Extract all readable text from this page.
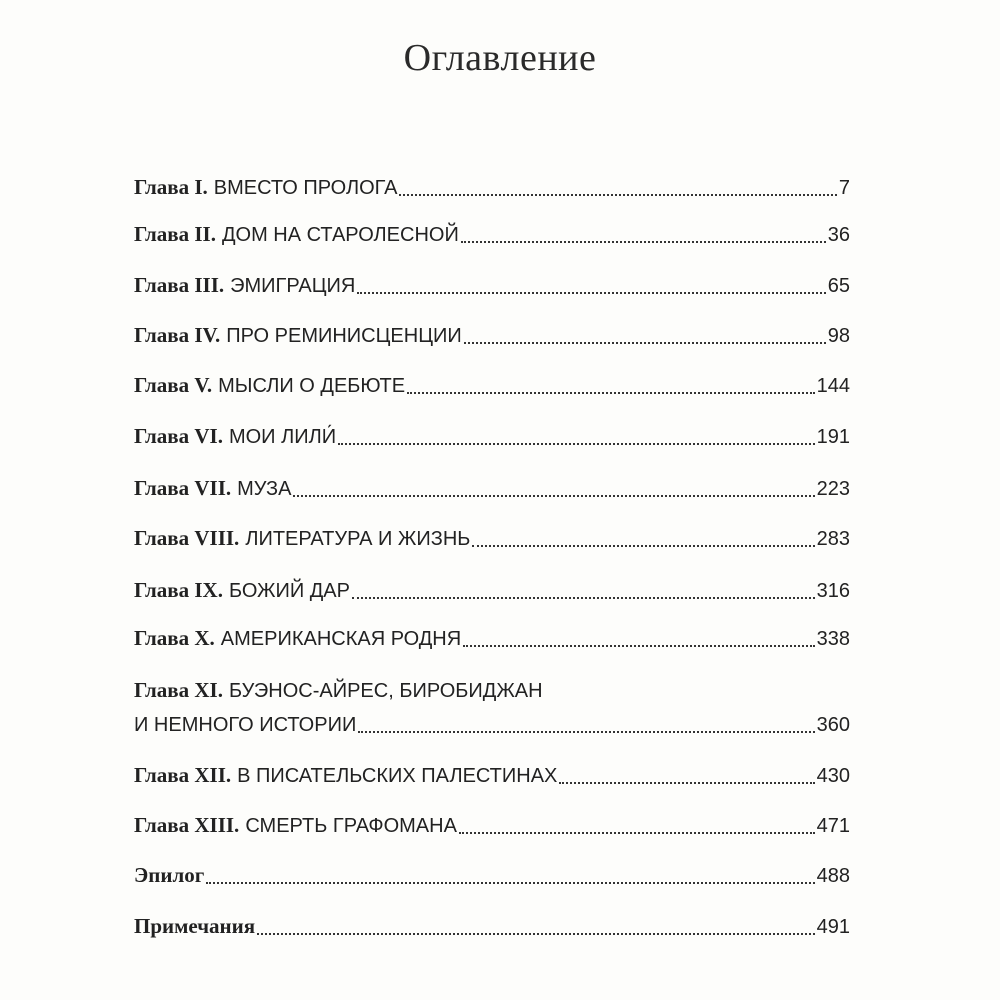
Оглавление
Глава I. ВМЕСТО ПРОЛОГА	7
Глава II. ДОМ НА СТАРОЛЕСНОЙ	36
Глава III. ЭМИГРАЦИЯ	65
Глава IV. ПРО РЕМИНИСЦЕНЦИИ	98
Глава V. МЫСЛИ О ДЕБЮТЕ	144
Глава VI. МОИ ЛИЛИ́	191
Глава VII. МУЗА	223
Глава VIII. ЛИТЕРАТУРА И ЖИЗНЬ	283
Глава IX. БОЖИЙ ДАР	316
Глава X. АМЕРИКАНСКАЯ РОДНЯ	338
Глава XI. БУЭНОС-АЙРЕС, БИРОБИДЖАН
И НЕМНОГО ИСТОРИИ	360
Глава XII. В ПИСАТЕЛЬСКИХ ПАЛЕСТИНАХ	430
Глава XIII. СМЕРТЬ ГРАФОМАНА	471
Эпилог	488
Примечания	491
